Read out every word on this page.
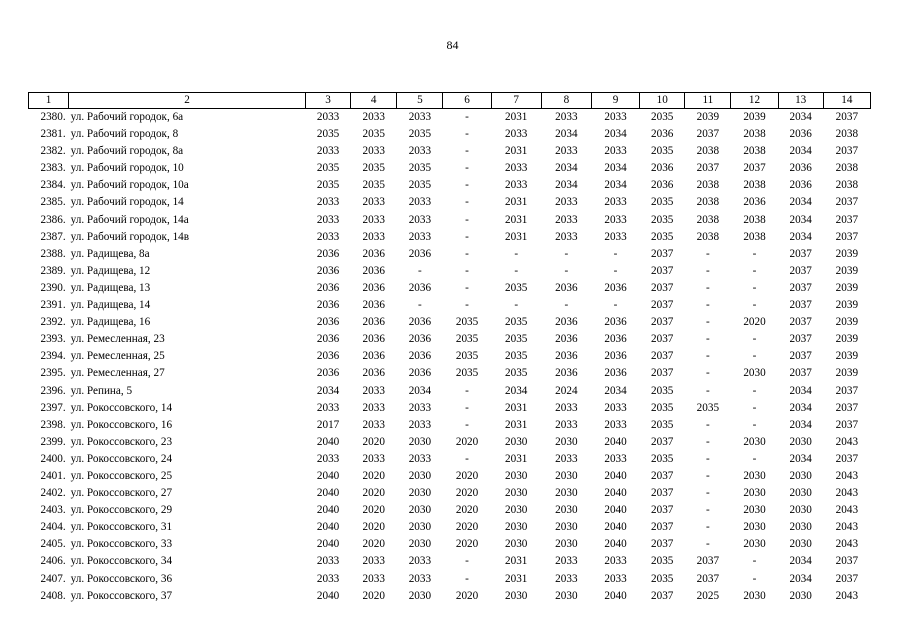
84
1	2	3	4	5	6	7	8	9	10	11	12	13	14
2380.	ул. Рабочий городок, 6а	2033	2033	2033	-	2031	2033	2033	2035	2039	2039	2034	2037
2381.	ул. Рабочий городок, 8	2035	2035	2035	-	2033	2034	2034	2036	2037	2038	2036	2038
2382.	ул. Рабочий городок, 8а	2033	2033	2033	-	2031	2033	2033	2035	2038	2038	2034	2037
2383.	ул. Рабочий городок, 10	2035	2035	2035	-	2033	2034	2034	2036	2037	2037	2036	2038
2384.	ул. Рабочий городок, 10а	2035	2035	2035	-	2033	2034	2034	2036	2038	2038	2036	2038
2385.	ул. Рабочий городок, 14	2033	2033	2033	-	2031	2033	2033	2035	2038	2036	2034	2037
2386.	ул. Рабочий городок, 14а	2033	2033	2033	-	2031	2033	2033	2035	2038	2038	2034	2037
2387.	ул. Рабочий городок, 14в	2033	2033	2033	-	2031	2033	2033	2035	2038	2038	2034	2037
2388.	ул. Радищева, 8а	2036	2036	2036	-	-	-	-	2037	-	-	2037	2039
2389.	ул. Радищева, 12	2036	2036	-	-	-	-	-	2037	-	-	2037	2039
2390.	ул. Радищева, 13	2036	2036	2036	-	2035	2036	2036	2037	-	-	2037	2039
2391.	ул. Радищева, 14	2036	2036	-	-	-	-	-	2037	-	-	2037	2039
2392.	ул. Радищева, 16	2036	2036	2036	2035	2035	2036	2036	2037	-	2020	2037	2039
2393.	ул. Ремесленная, 23	2036	2036	2036	2035	2035	2036	2036	2037	-	-	2037	2039
2394.	ул. Ремесленная, 25	2036	2036	2036	2035	2035	2036	2036	2037	-	-	2037	2039
2395.	ул. Ремесленная, 27	2036	2036	2036	2035	2035	2036	2036	2037	-	2030	2037	2039
2396.	ул. Репина, 5	2034	2033	2034	-	2034	2024	2034	2035	-	-	2034	2037
2397.	ул. Рокоссовского, 14	2033	2033	2033	-	2031	2033	2033	2035	2035	-	2034	2037
2398.	ул. Рокоссовского, 16	2017	2033	2033	-	2031	2033	2033	2035	-	-	2034	2037
2399.	ул. Рокоссовского, 23	2040	2020	2030	2020	2030	2030	2040	2037	-	2030	2030	2043
2400.	ул. Рокоссовского, 24	2033	2033	2033	-	2031	2033	2033	2035	-	-	2034	2037
2401.	ул. Рокоссовского, 25	2040	2020	2030	2020	2030	2030	2040	2037	-	2030	2030	2043
2402.	ул. Рокоссовского, 27	2040	2020	2030	2020	2030	2030	2040	2037	-	2030	2030	2043
2403.	ул. Рокоссовского, 29	2040	2020	2030	2020	2030	2030	2040	2037	-	2030	2030	2043
2404.	ул. Рокоссовского, 31	2040	2020	2030	2020	2030	2030	2040	2037	-	2030	2030	2043
2405.	ул. Рокоссовского, 33	2040	2020	2030	2020	2030	2030	2040	2037	-	2030	2030	2043
2406.	ул. Рокоссовского, 34	2033	2033	2033	-	2031	2033	2033	2035	2037	-	2034	2037
2407.	ул. Рокоссовского, 36	2033	2033	2033	-	2031	2033	2033	2035	2037	-	2034	2037
2408.	ул. Рокоссовского, 37	2040	2020	2030	2020	2030	2030	2040	2037	2025	2030	2030	2043
